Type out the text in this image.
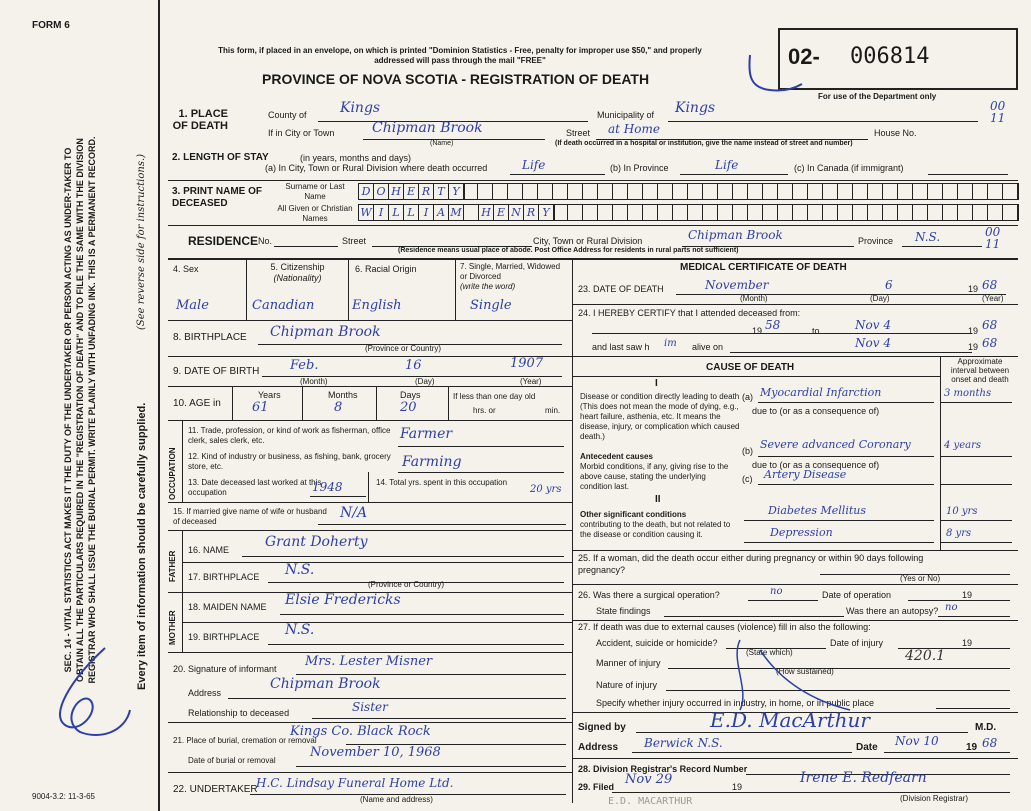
FORM 6
This form, if placed in an envelope, on which is printed "Dominion Statistics - Free, penalty for improper use $50," and properly addressed will pass through the mail "FREE"
PROVINCE OF NOVA SCOTIA - REGISTRATION OF DEATH
02- 006814
For use of the Department only
00
11
SEC. 14 - VITAL STATISTICS ACT MAKES IT THE DUTY OF THE UNDERTAKER OR PERSON ACTING AS UNDER-TAKER TO OBTAIN ALL THE PARTICULARS REQUIRED IN THE "REGISTRATION OF DEATH" AND TO FILE THE SAME WITH THE DIVISION REGISTRAR WHO SHALL ISSUE THE BURIAL PERMIT. WRITE PLAINLY WITH UNFADING INK. THIS IS A PERMANENT RECORD.	Every item of information should be carefully supplied.
(See reverse side for instructions.)
1. PLACE OF DEATH
County of Kings	Municipality of Kings
If in City or Town	Chipman Brook
(Name)
Street at Home	House No.
(If death occurred in a hospital or institution, give the name instead of street and number)
2. LENGTH OF STAY	(in years, months and days)
(a) In City, Town or Rural Division where death occurred	Life	(b) In Province	Life	(c) In Canada (if immigrant)
3. PRINT NAME OF DECEASED
Surname or Last Name
All Given or Christian Names
D O H E R T Y
W I L L I A M H E N R Y
RESIDENCE No.	Street	City, Town or Rural Division	Chipman Brook	Province N.S.	00
11
(Residence means usual place of abode. Post Office Address for residents in rural parts not sufficient)
4. Sex	5. Citizenship
(Nationality)
6. Racial Origin	7. Single, Married, Widowed or Divorced
(write the word)
Male	Canadian	English	Single
8. BIRTHPLACE Chipman Brook
(Province or Country)
9. DATE OF BIRTH Feb.	16	1907
(Month)	(Day)	(Year)
10. AGE in
Years	Months	Days
61	8	20
If less than one day old
hrs. or	min.
OCCUPATION
11. Trade, profession, or kind of work as fisherman, office clerk, sales clerk, etc.	Farmer
12. Kind of industry or business, as fishing, bank, grocery store, etc.	Farming
13. Date deceased last worked at this occupation	1948	14. Total yrs. spent in this occupation
20 yrs
15. If married give name of wife or husband of deceased
N/A
FATHER
16. NAME	Grant Doherty
17. BIRTHPLACE N.S.
(Province or Country)
MOTHER
18. MAIDEN NAME Elsie Fredericks
19. BIRTHPLACE N.S.
20. Signature of informant Mrs. Lester Misner
Address
Chipman Brook
Relationship to deceased	Sister
21. Place of burial, cremation or removal
Kings Co. Black Rock
Date of burial or removal
November 10, 1968
22. UNDERTAKER
H.C. Lindsay Funeral Home Ltd.
(Name and address)
9004-3.2: 11-3-65	E.D. MACARTHUR
MEDICAL CERTIFICATE OF DEATH
23. DATE OF DEATH	November	6	19 68
(Month)	(Day)	(Year)
24. I HEREBY CERTIFY that I attended deceased from:
19 58	to	Nov 4	19 68
and last saw h im alive on	Nov 4	19 68
CAUSE OF DEATH
Approximate interval between onset and death
I
Disease or condition directly leading to death (This does not mean the mode of dying, e.g., heart failure, asthenia, etc. It means the disease, injury, or complication which caused death.)
(a) Myocardial Infarction	3 months
due to (or as a consequence of)
Antecedent causes
Morbid conditions, if any, giving rise to the above cause, stating the underlying condition last.
(b) Severe advanced Coronary	4 years
due to (or as a consequence of)
(c) Artery Disease
II
Other significant conditions
contributing to the death, but not related to the disease or condition causing it.
Diabetes Mellitus	10 yrs
Depression	8 yrs
25. If a woman, did the death occur either during pregnancy or within 90 days following pregnancy?
(Yes or No)
26. Was there a surgical operation?	no	Date of operation	19
State findings	Was there an autopsy? no
27. If death was due to external causes (violence) fill in also the following:
Accident, suicide or homicide?
(State which)
Date of injury	19
420.1
Manner of injury
(How sustained)
Nature of injury
Specify whether injury occurred in industry, in home, or in public place
Signed by	E.D. MacArthur	M.D.
Address Berwick N.S.	Date Nov 10	19 68
28. Division Registrar's Record Number
29. Filed Nov 29	19
Irene E. Redfearn
(Division Registrar)
